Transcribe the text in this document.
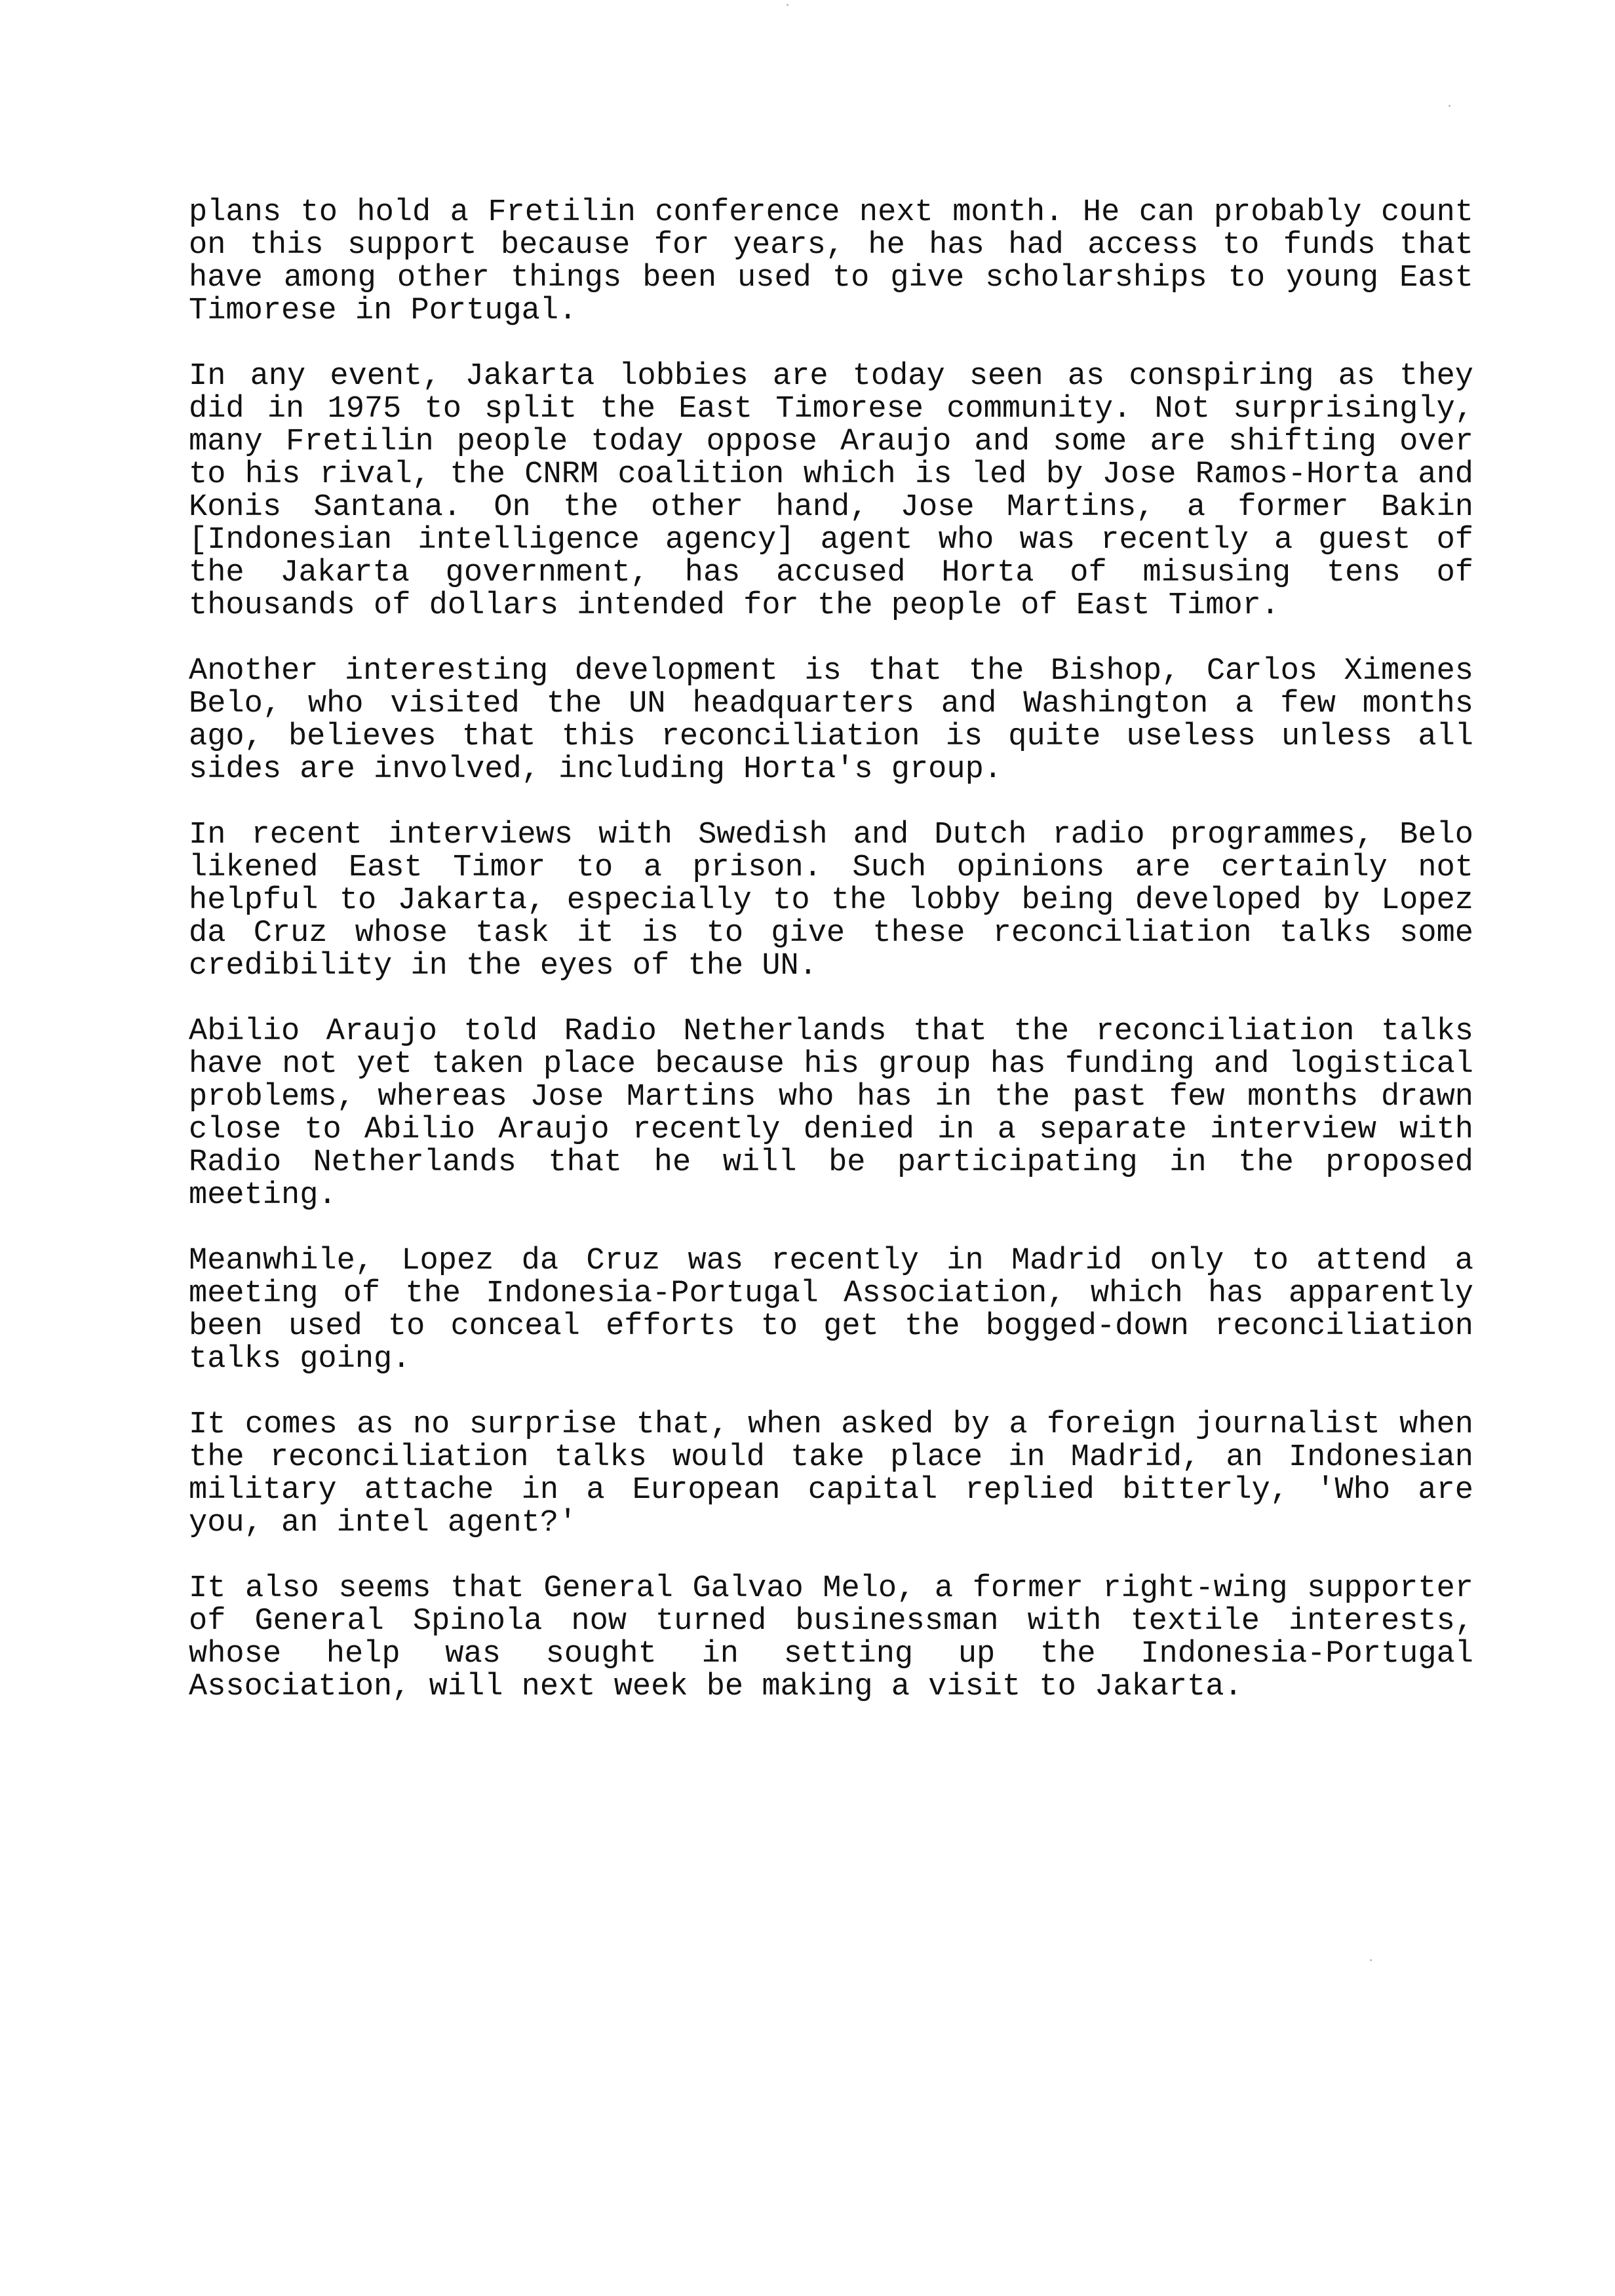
plans to hold a Fretilin conference next month. He can probably count on this support because for years, he has had access to funds that have among other things been used to give scholarships to young East Timorese in Portugal.

In any event, Jakarta lobbies are today seen as conspiring as they did in 1975 to split the East Timorese community. Not surprisingly, many Fretilin people today oppose Araujo and some are shifting over to his rival, the CNRM coalition which is led by Jose Ramos-Horta and Konis Santana. On the other hand, Jose Martins, a former Bakin [Indonesian intelligence agency] agent who was recently a guest of the Jakarta government, has accused Horta of misusing tens of thousands of dollars intended for the people of East Timor.

Another interesting development is that the Bishop, Carlos Ximenes Belo, who visited the UN headquarters and Washington a few months ago, believes that this reconciliation is quite useless unless all sides are involved, including Horta's group.

In recent interviews with Swedish and Dutch radio programmes, Belo likened East Timor to a prison. Such opinions are certainly not helpful to Jakarta, especially to the lobby being developed by Lopez da Cruz whose task it is to give these reconciliation talks some credibility in the eyes of the UN.

Abilio Araujo told Radio Netherlands that the reconciliation talks have not yet taken place because his group has funding and logistical problems, whereas Jose Martins who has in the past few months drawn close to Abilio Araujo recently denied in a separate interview with Radio Netherlands that he will be participating in the proposed meeting.

Meanwhile, Lopez da Cruz was recently in Madrid only to attend a meeting of the Indonesia-Portugal Association, which has apparently been used to conceal efforts to get the bogged-down reconciliation talks going.

It comes as no surprise that, when asked by a foreign journalist when the reconciliation talks would take place in Madrid, an Indonesian military attache in a European capital replied bitterly, 'Who are you, an intel agent?'

It also seems that General Galvao Melo, a former right-wing supporter of General Spinola now turned businessman with textile interests, whose help was sought in setting up the Indonesia-Portugal Association, will next week be making a visit to Jakarta.
